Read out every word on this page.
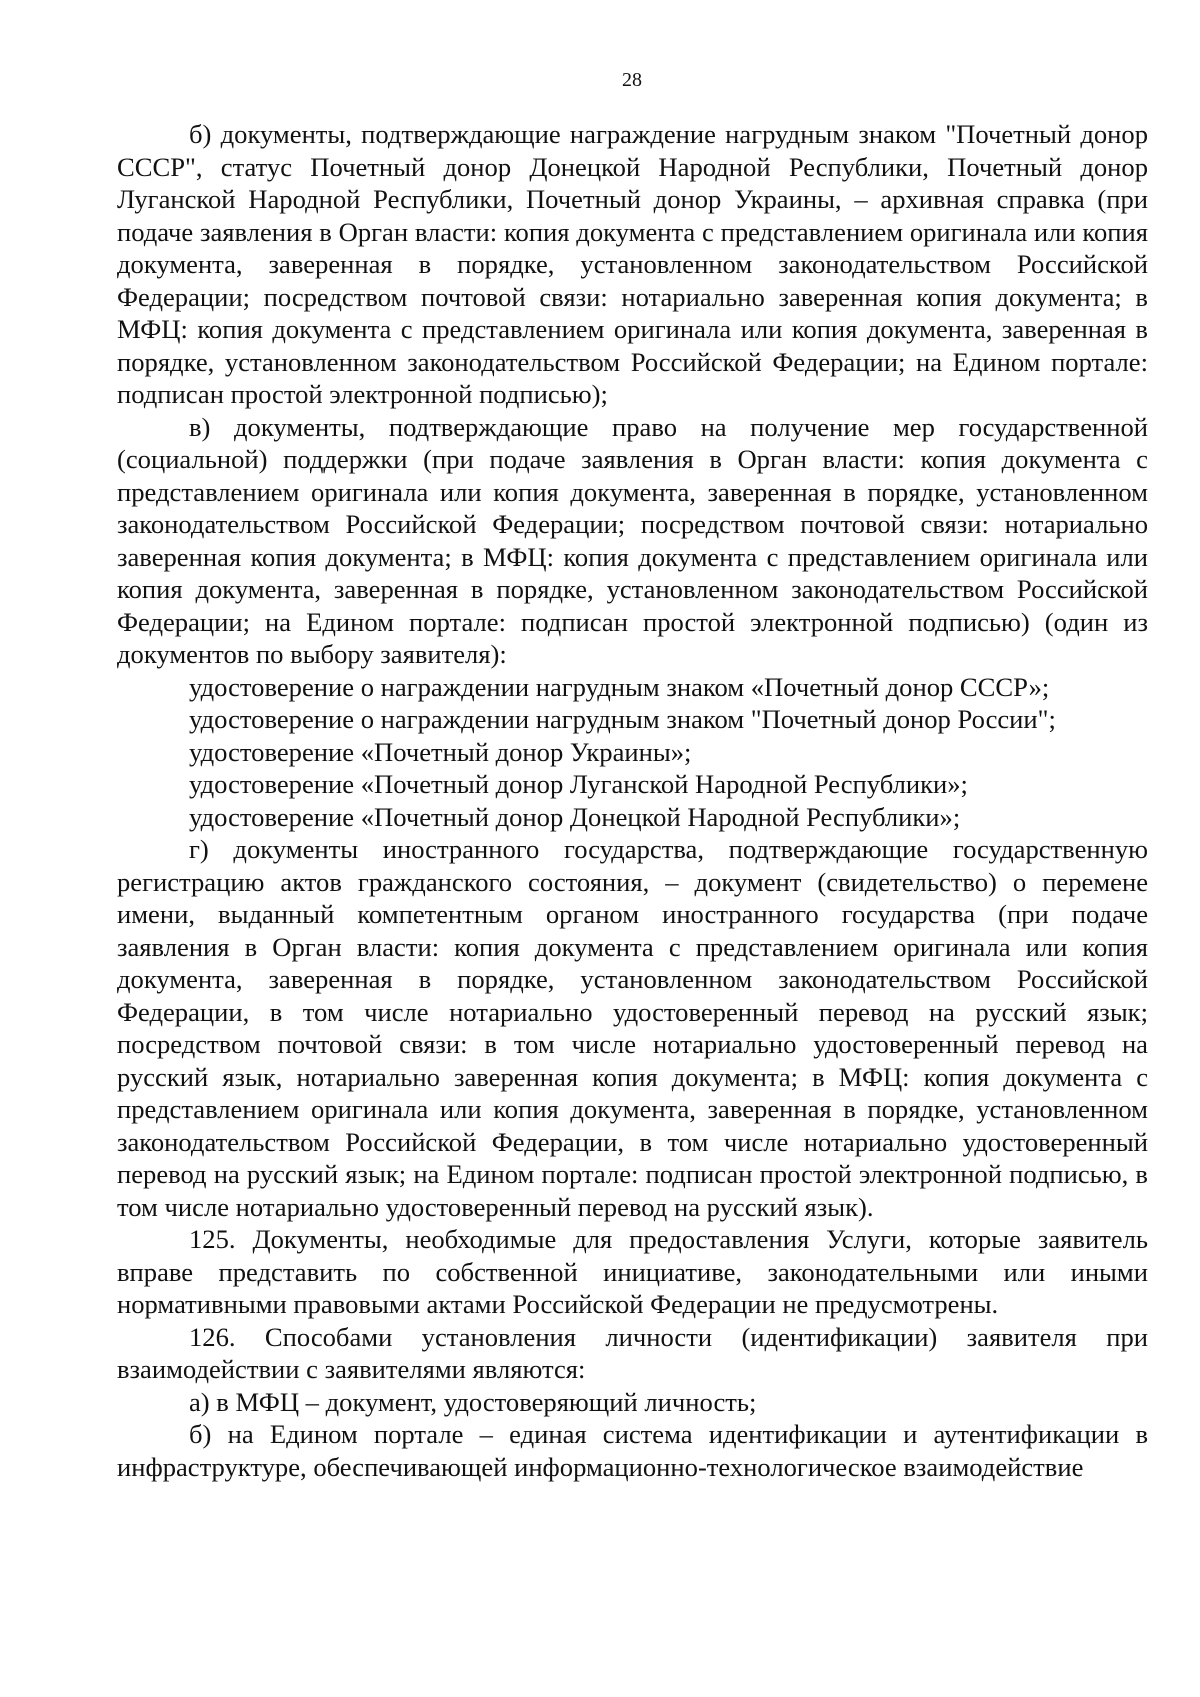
28

б) документы, подтверждающие награждение нагрудным знаком "Почетный донор СССР", статус Почетный донор Донецкой Народной Республики, Почетный донор Луганской Народной Республики, Почетный донор Украины, – архивная справка (при подаче заявления в Орган власти: копия документа с представлением оригинала или копия документа, заверенная в порядке, установленном законодательством Российской Федерации; посредством почтовой связи: нотариально заверенная копия документа; в МФЦ: копия документа с представлением оригинала или копия документа, заверенная в порядке, установленном законодательством Российской Федерации; на Едином портале: подписан простой электронной подписью);

в) документы, подтверждающие право на получение мер государственной (социальной) поддержки (при подаче заявления в Орган власти: копия документа с представлением оригинала или копия документа, заверенная в порядке, установленном законодательством Российской Федерации; посредством почтовой связи: нотариально заверенная копия документа; в МФЦ: копия документа с представлением оригинала или копия документа, заверенная в порядке, установленном законодательством Российской Федерации; на Едином портале: подписан простой электронной подписью) (один из документов по выбору заявителя):

удостоверение о награждении нагрудным знаком «Почетный донор СССР»;

удостоверение о награждении нагрудным знаком "Почетный донор России";

удостоверение «Почетный донор Украины»;

удостоверение «Почетный донор Луганской Народной Республики»;

удостоверение «Почетный донор Донецкой Народной Республики»;

г) документы иностранного государства, подтверждающие государственную регистрацию актов гражданского состояния, – документ (свидетельство) о перемене имени, выданный компетентным органом иностранного государства (при подаче заявления в Орган власти: копия документа с представлением оригинала или копия документа, заверенная в порядке, установленном законодательством Российской Федерации, в том числе нотариально удостоверенный перевод на русский язык; посредством почтовой связи: в том числе нотариально удостоверенный перевод на русский язык, нотариально заверенная копия документа; в МФЦ: копия документа с представлением оригинала или копия документа, заверенная в порядке, установленном законодательством Российской Федерации, в том числе нотариально удостоверенный перевод на русский язык; на Едином портале: подписан простой электронной подписью, в том числе нотариально удостоверенный перевод на русский язык).

125. Документы, необходимые для предоставления Услуги, которые заявитель вправе представить по собственной инициативе, законодательными или иными нормативными правовыми актами Российской Федерации не предусмотрены.

126. Способами установления личности (идентификации) заявителя при взаимодействии с заявителями являются:

а) в МФЦ – документ, удостоверяющий личность;

б) на Едином портале – единая система идентификации и аутентификации в инфраструктуре, обеспечивающей информационно-технологическое взаимодействие
